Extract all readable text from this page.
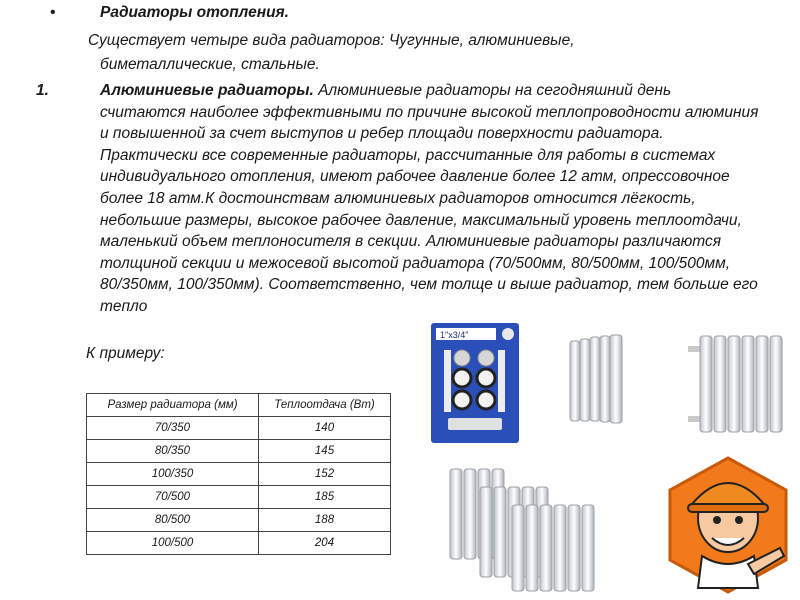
•	Радиаторы отопления.
Существует четыре вида радиаторов: Чугунные, алюминиевые,
биметаллические, стальные.
1.	Алюминиевые радиаторы. Алюминиевые радиаторы на сегодняшний день считаются наиболее эффективными по причине высокой теплопроводности алюминия и повышенной за счет выступов и ребер площади поверхности радиатора. Практически все современные радиаторы, рассчитанные для работы в системах индивидуального отопления, имеют рабочее давление более 12 атм, опрессовочное более 18 атм.К достоинствам алюминиевых радиаторов относится лёгкость, небольшие размеры, высокое рабочее давление, максимальный уровень теплоотдачи, маленький объем теплоносителя в секции. Алюминиевые радиаторы различаются толщиной секции и межосевой высотой радиатора (70/500мм, 80/500мм, 100/500мм, 80/350мм, 100/350мм). Соответственно, чем толще и выше радиатор, тем больше его тепло
К примеру:
Размер радиатора (мм)	Теплоотдача (Вт)
70/350	140
80/350	145
100/350	152
70/500	185
80/500	188
100/500	204
1"x3/4"
